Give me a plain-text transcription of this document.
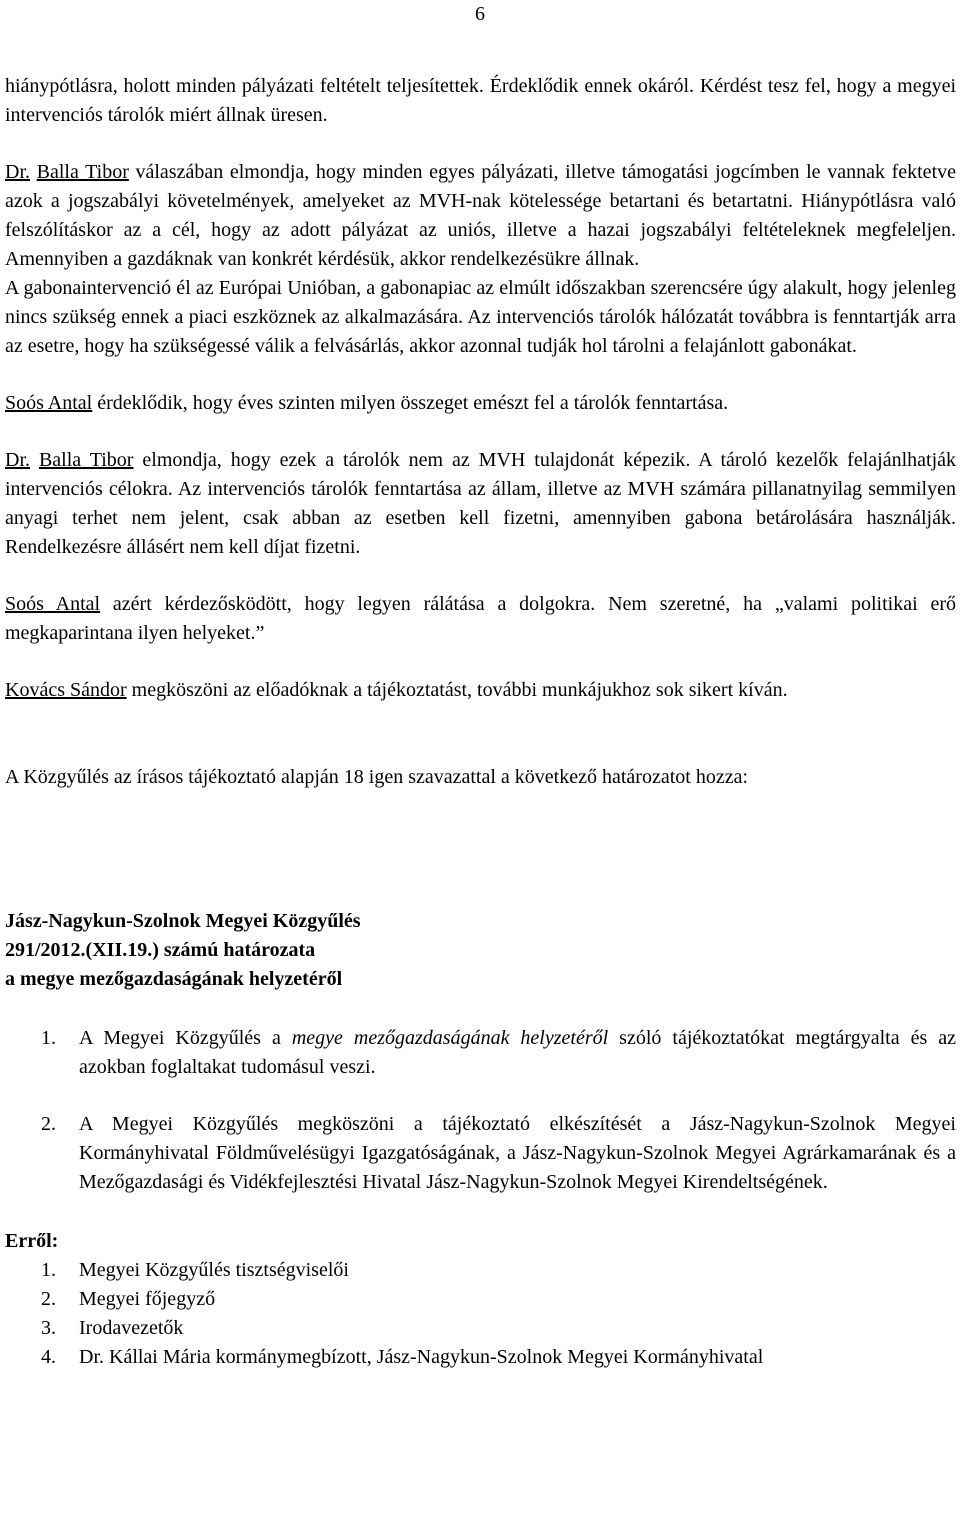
6

hiánypótlásra, holott minden pályázati feltételt teljesítettek. Érdeklődik ennek okáról. Kérdést tesz fel, hogy a megyei intervenciós tárolók miért állnak üresen.

Dr. Balla Tibor válaszában elmondja, hogy minden egyes pályázati, illetve támogatási jogcímben le vannak fektetve azok a jogszabályi követelmények, amelyeket az MVH-nak kötelessége betartani és betartatni. Hiánypótlásra való felszólításkor az a cél, hogy az adott pályázat az uniós, illetve a hazai jogszabályi feltételeknek megfeleljen. Amennyiben a gazdáknak van konkrét kérdésük, akkor rendelkezésükre állnak.

A gabonaintervenció él az Európai Unióban, a gabonapiac az elmúlt időszakban szerencsére úgy alakult, hogy jelenleg nincs szükség ennek a piaci eszköznek az alkalmazására. Az intervenciós tárolók hálózatát továbbra is fenntartják arra az esetre, hogy ha szükségessé válik a felvásárlás, akkor azonnal tudják hol tárolni a felajánlott gabonákat.

Soós Antal érdeklődik, hogy éves szinten milyen összeget emészt fel a tárolók fenntartása.

Dr. Balla Tibor elmondja, hogy ezek a tárolók nem az MVH tulajdonát képezik. A tároló kezelők felajánlhatják intervenciós célokra. Az intervenciós tárolók fenntartása az állam, illetve az MVH számára pillanatnyilag semmilyen anyagi terhet nem jelent, csak abban az esetben kell fizetni, amennyiben gabona betárolására használják. Rendelkezésre állásért nem kell díjat fizetni.

Soós Antal azért kérdezősködött, hogy legyen rálátása a dolgokra. Nem szeretné, ha „valami politikai erő megkaparintana ilyen helyeket.”

Kovács Sándor megköszöni az előadóknak a tájékoztatást, további munkájukhoz sok sikert kíván.

A Közgyűlés az írásos tájékoztató alapján 18 igen szavazattal a következő határozatot hozza:

Jász-Nagykun-Szolnok Megyei Közgyűlés

291/2012.(XII.19.) számú határozata

a megye mezőgazdaságának helyzetéről

1. A Megyei Közgyűlés a megye mezőgazdaságának helyzetéről szóló tájékoztatókat megtárgyalta és az azokban foglaltakat tudomásul veszi.
2. A Megyei Közgyűlés megköszöni a tájékoztató elkészítését a Jász-Nagykun-Szolnok Megyei Kormányhivatal Földművelésügyi Igazgatóságának, a Jász-Nagykun-Szolnok Megyei Agrárkamarának és a Mezőgazdasági és Vidékfejlesztési Hivatal Jász-Nagykun-Szolnok Megyei Kirendeltségének.

Erről:

1. Megyei Közgyűlés tisztségviselői
2. Megyei főjegyző
3. Irodavezetők
4. Dr. Kállai Mária kormánymegbízott, Jász-Nagykun-Szolnok Megyei Kormányhivatal
